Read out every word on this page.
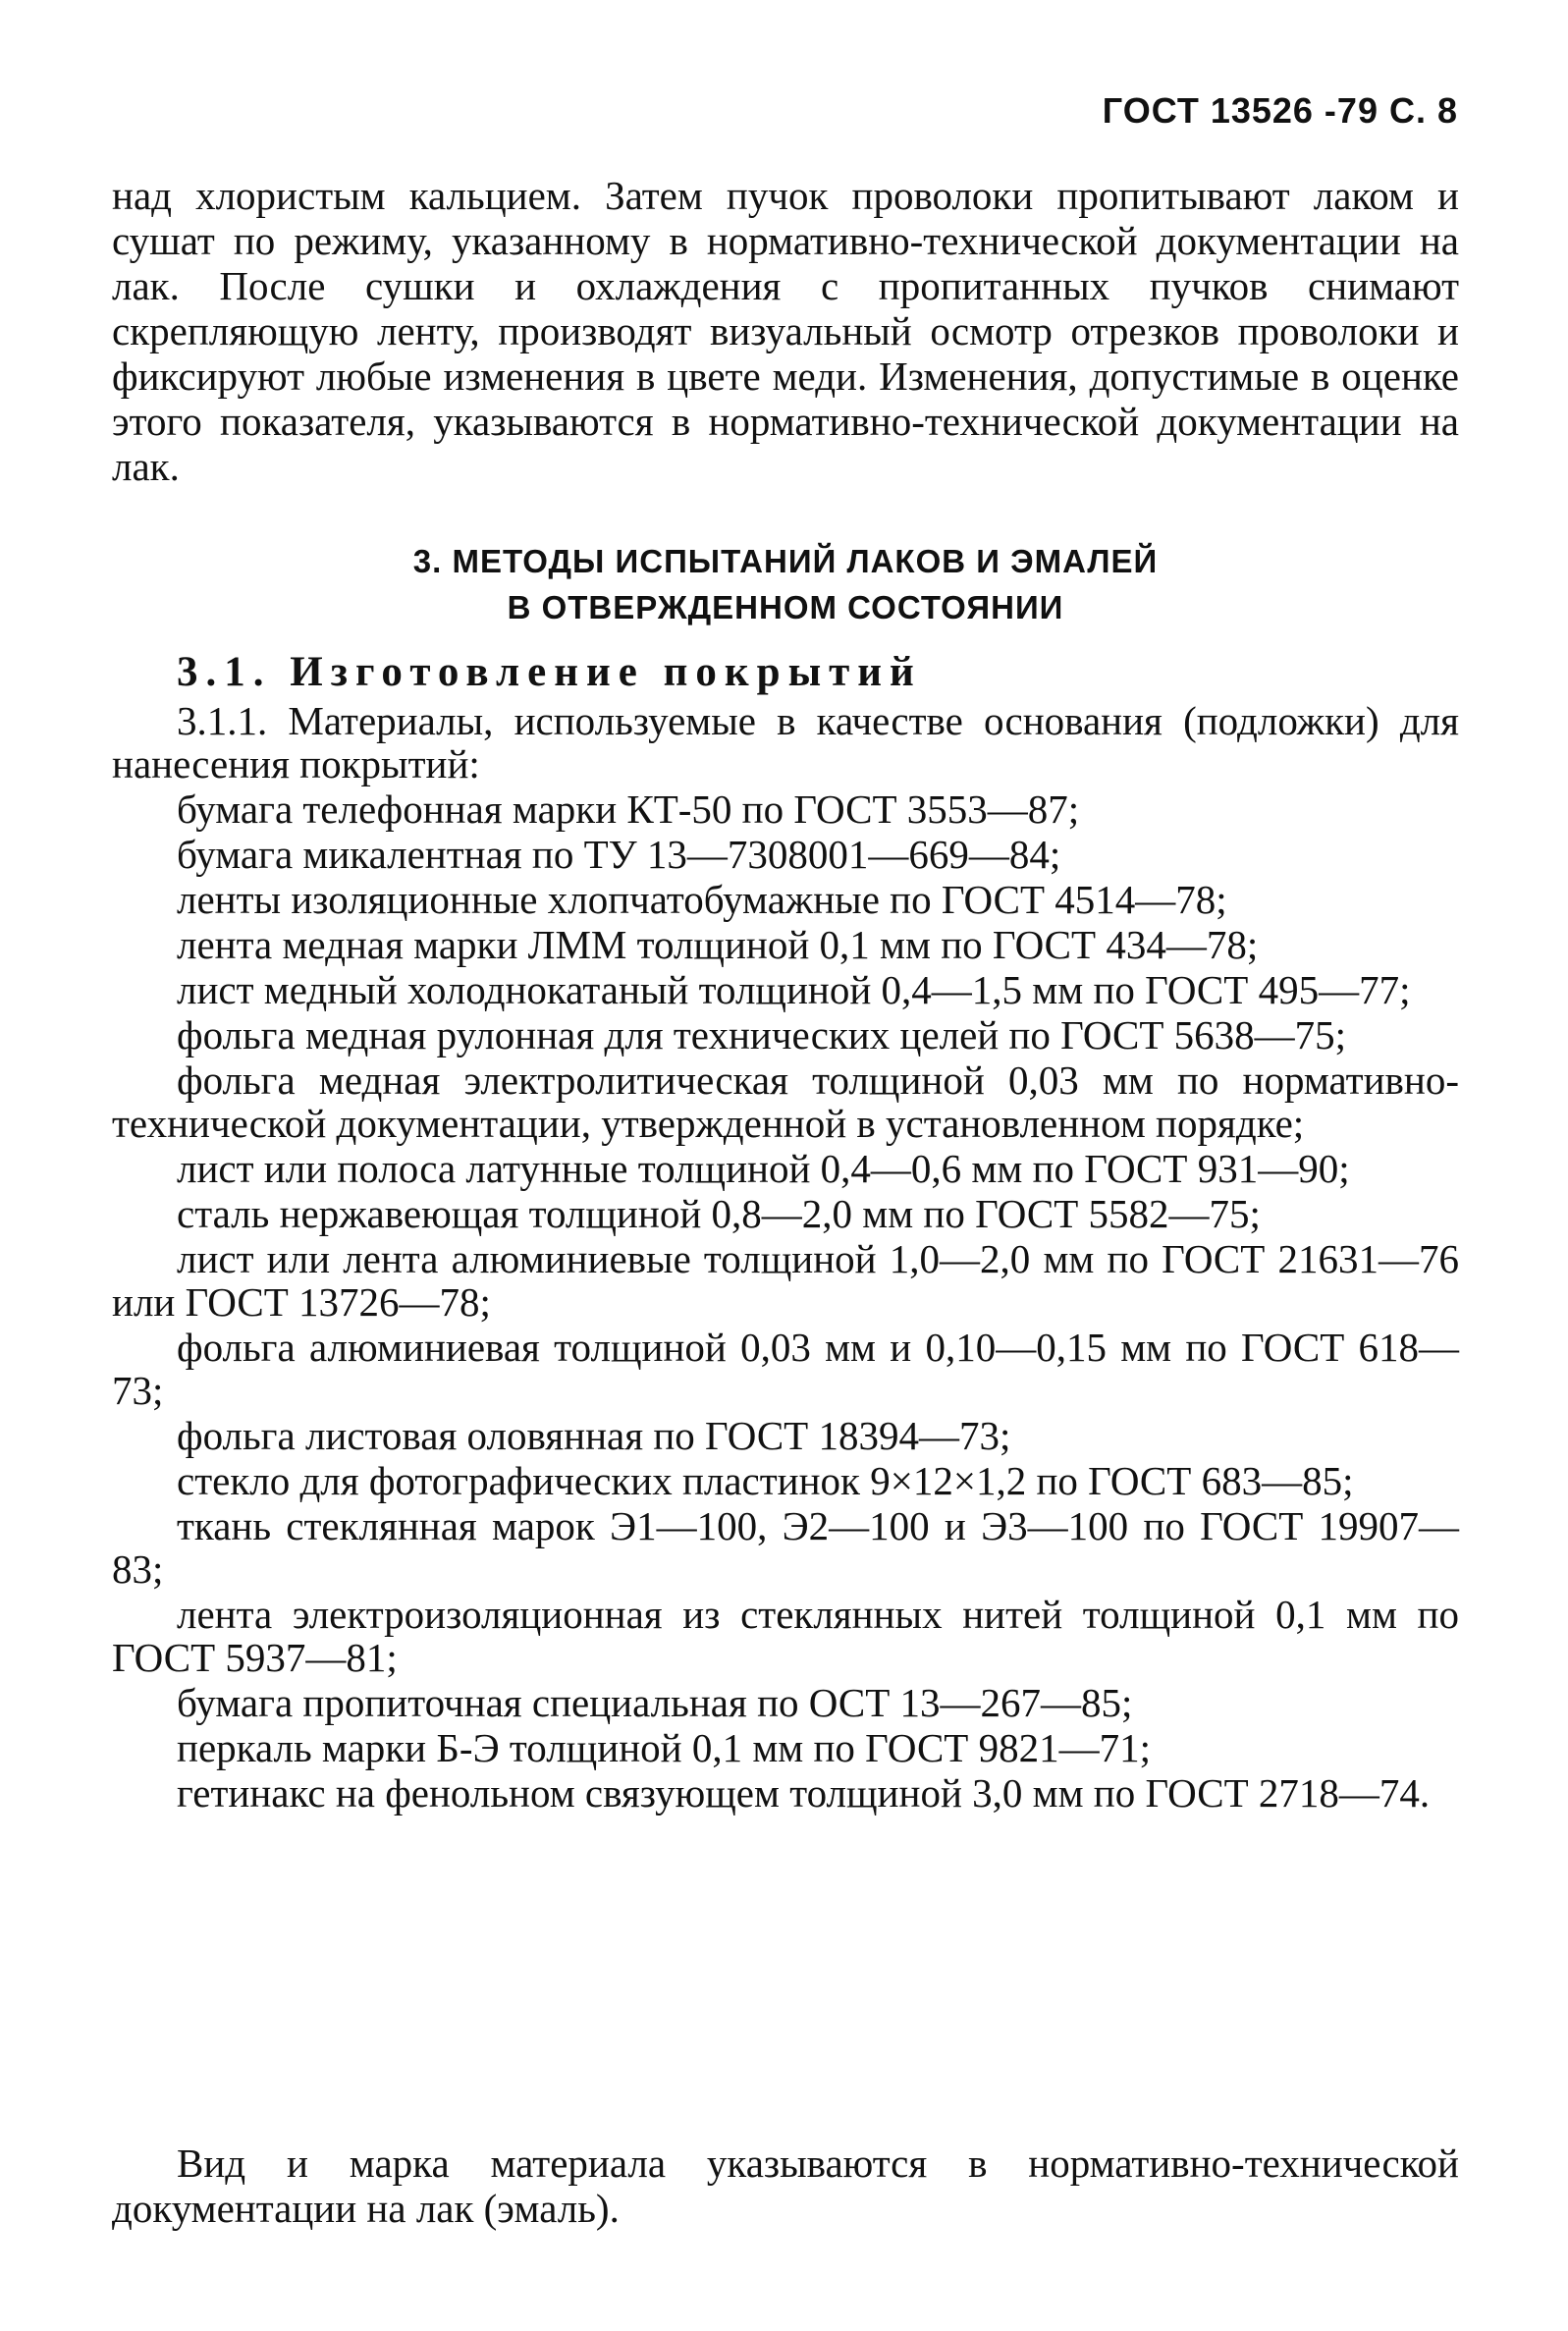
ГОСТ 13526 -79 С. 8

над хлористым кальцием. Затем пучок проволоки пропитывают лаком и сушат по режиму, указанному в нормативно-технической документации на лак. После сушки и охлаждения с пропитанных пучков снимают скрепляющую ленту, производят визуальный осмотр отрезков проволоки и фиксируют любые изменения в цвете меди. Изменения, допустимые в оценке этого показателя, указываются в нормативно-технической документации на лак.

3. МЕТОДЫ ИСПЫТАНИЙ ЛАКОВ И ЭМАЛЕЙ
В ОТВЕРЖДЕННОМ СОСТОЯНИИ
3.1. Изготовление покрытий

3.1.1. Материалы, используемые в качестве основания (подложки) для нанесения покрытий:

бумага телефонная марки КТ-50 по ГОСТ 3553—87;
бумага микалентная по ТУ 13—7308001—669—84;
ленты изоляционные хлопчатобумажные по ГОСТ 4514—78;
лента медная марки ЛММ толщиной 0,1 мм по ГОСТ 434—78;
лист медный холоднокатаный толщиной 0,4—1,5 мм по ГОСТ 495—77;
фольга медная рулонная для технических целей по ГОСТ 5638—75;
фольга медная электролитическая толщиной 0,03 мм по нормативно-технической документации, утвержденной в установленном порядке;
лист или полоса латунные толщиной 0,4—0,6 мм по ГОСТ 931—90;
сталь нержавеющая толщиной 0,8—2,0 мм по ГОСТ 5582—75;
лист или лента алюминиевые толщиной 1,0—2,0 мм по ГОСТ 21631—76 или ГОСТ 13726—78;
фольга алюминиевая толщиной 0,03 мм и 0,10—0,15 мм по ГОСТ 618—73;
фольга листовая оловянная по ГОСТ 18394—73;
стекло для фотографических пластинок 9×12×1,2 по ГОСТ 683—85;
ткань стеклянная марок Э1—100, Э2—100 и Э3—100 по ГОСТ 19907—83;
лента электроизоляционная из стеклянных нитей толщиной 0,1 мм по ГОСТ 5937—81;
бумага пропиточная специальная по ОСТ 13—267—85;
перкаль марки Б-Э толщиной 0,1 мм по ГОСТ 9821—71;
гетинакс на фенольном связующем толщиной 3,0 мм по ГОСТ 2718—74.

Вид и марка материала указываются в нормативно-технической документации на лак (эмаль).
